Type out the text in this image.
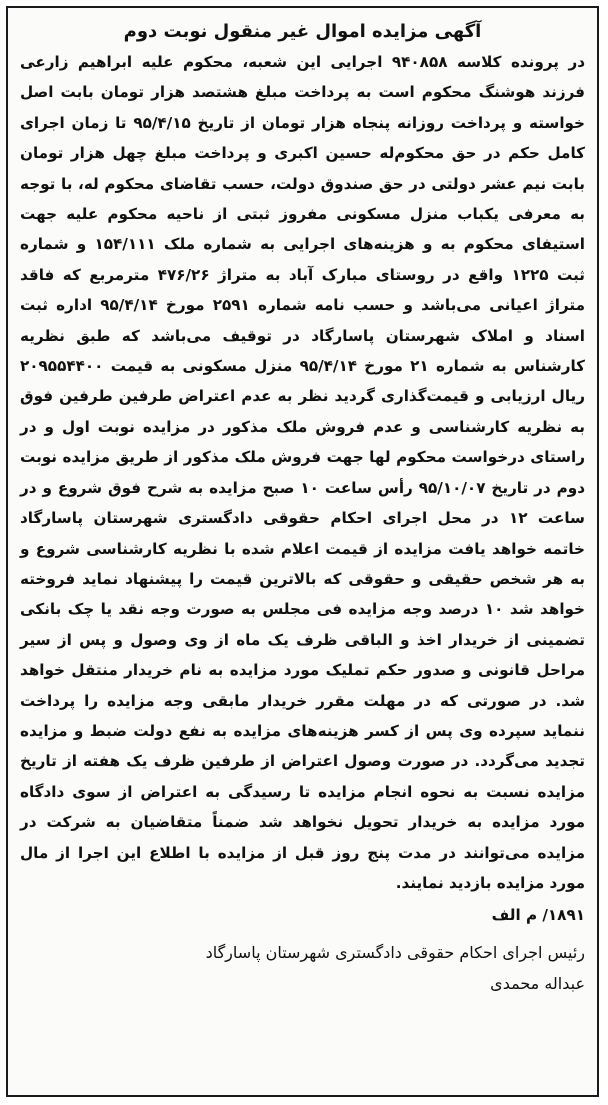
آگهی مزایده اموال غیر منقول نوبت دوم
در پرونده کلاسه ۹۴۰۸۵۸ اجرایی این شعبه، محکوم علیه ابراهیم زارعی فرزند هوشنگ محکوم است به پرداخت مبلغ هشتصد هزار تومان بابت اصل خواسته و پرداخت روزانه پنجاه هزار تومان از تاریخ ۹۵/۴/۱۵ تا زمان اجرای کامل حکم در حق محکوم‌له حسین اکبری و پرداخت مبلغ چهل هزار تومان بابت نیم عشر دولتی در حق صندوق دولت، حسب تقاضای محکوم له، با توجه به معرفی یکباب منزل مسکونی مفروز ثبتی از ناحیه محکوم علیه جهت استیفای محکوم به و هزینه‌های اجرایی به شماره ملک ۱۵۴/۱۱۱ و شماره ثبت ۱۲۲۵ واقع در روستای مبارک آباد به متراژ ۴۷۶/۲۶ مترمربع که فاقد متراژ اعیانی می‌باشد و حسب نامه شماره ۲۵۹۱ مورخ ۹۵/۴/۱۴ اداره ثبت اسناد و املاک شهرستان پاسارگاد در توقیف می‌باشد که طبق نظریه کارشناس به شماره ۲۱ مورخ ۹۵/۴/۱۴ منزل مسکونی به قیمت ۲۰۹۵۵۴۴۰۰ ریال ارزیابی و قیمت‌گذاری گردید نظر به عدم اعتراض طرفین طرفین فوق به نظریه کارشناسی و عدم فروش ملک مذکور در مزایده نوبت اول و در راستای درخواست محکوم لها جهت فروش ملک مذکور از طریق مزایده نوبت دوم در تاریخ ۹۵/۱۰/۰۷ رأس ساعت ۱۰ صبح مزایده به شرح فوق شروع و در ساعت ۱۲ در محل اجرای احکام حقوقی دادگستری شهرستان پاسارگاد خاتمه خواهد یافت مزایده از قیمت اعلام شده با نظریه کارشناسی شروع و به هر شخص حقیقی و حقوقی که بالاترین قیمت را پیشنهاد نماید فروخته خواهد شد ۱۰ درصد وجه مزایده فی مجلس به صورت وجه نقد یا چک بانکی تضمینی از خریدار اخذ و الباقی ظرف یک ماه از وی وصول و پس از سیر مراحل قانونی و صدور حکم تملیک مورد مزایده به نام خریدار منتقل خواهد شد. در صورتی که در مهلت مقرر خریدار مابقی وجه مزایده را پرداخت ننماید سپرده وی پس از کسر هزینه‌های مزایده به نفع دولت ضبط و مزایده تجدید می‌گردد. در صورت وصول اعتراض از طرفین ظرف یک هفته از تاریخ مزایده نسبت به نحوه انجام مزایده تا رسیدگی به اعتراض از سوی دادگاه مورد مزایده به خریدار تحویل نخواهد شد ضمناً متقاضیان به شرکت در مزایده می‌توانند در مدت پنج روز قبل از مزایده با اطلاع این اجرا از مال مورد مزایده بازدید نمایند.
۱۸۹۱/ م الف
رئیس اجرای احکام حقوقی دادگستری شهرستان پاسارگاد
عبداله محمدی
